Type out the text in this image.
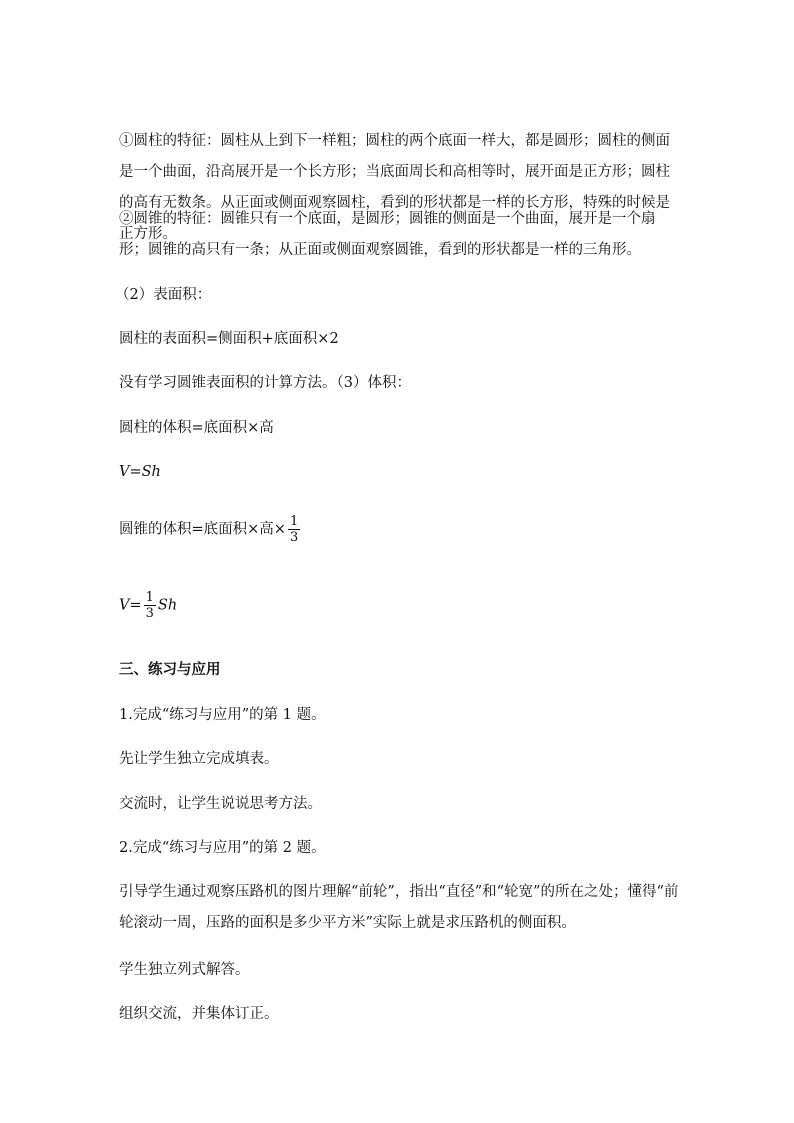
①圆柱的特征：圆柱从上到下一样粗；圆柱的两个底面一样大，都是圆形；圆柱的侧面是一个曲面，沿高展开是一个长方形；当底面周长和高相等时，展开面是正方形；圆柱的高有无数条。从正面或侧面观察圆柱，看到的形状都是一样的长方形，特殊的时候是正方形。

②圆锥的特征：圆锥只有一个底面，是圆形；圆锥的侧面是一个曲面，展开是一个扇形；圆锥的高只有一条；从正面或侧面观察圆锥，看到的形状都是一样的三角形。

（2）表面积：

圆柱的表面积=侧面积+底面积×2

没有学习圆锥表面积的计算方法。（3）体积：

圆柱的体积=底面积×高

V=Sh

圆锥的体积=底面积×高× $\frac{1}{3}$

$V= \frac{1}{3}$ Sh

三、练习与应用

1.完成“练习与应用”的第 1 题。

先让学生独立完成填表。

交流时，让学生说说思考方法。

2.完成“练习与应用”的第 2 题。

引导学生通过观察压路机的图片理解“前轮”，指出“直径”和“轮宽”的所在之处；懂得“前轮滚动一周，压路的面积是多少平方米”实际上就是求压路机的侧面积。

学生独立列式解答。

组织交流，并集体订正。
